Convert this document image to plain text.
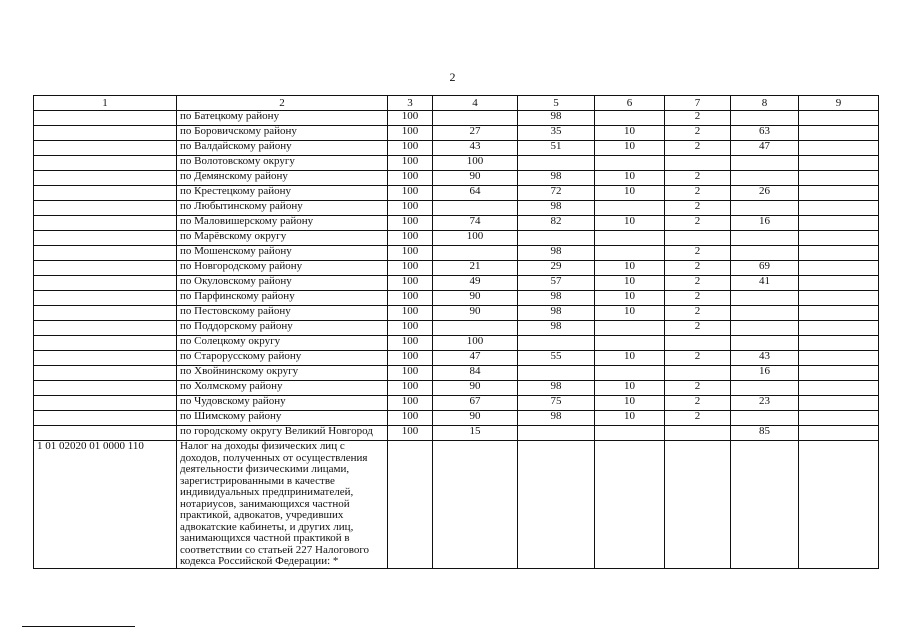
2
1	2	3	4	5	6	7	8	9
	по Батецкому району	100		98		2		
	по Боровичскому району	100	27	35	10	2	63	
	по Валдайскому району	100	43	51	10	2	47	
	по Волотовскому округу	100	100					
	по Демянскому району	100	90	98	10	2		
	по Крестецкому району	100	64	72	10	2	26	
	по Любытинскому району	100		98		2		
	по Маловишерскому району	100	74	82	10	2	16	
	по Марёвскому округу	100	100					
	по Мошенскому району	100		98		2		
	по Новгородскому району	100	21	29	10	2	69	
	по Окуловскому району	100	49	57	10	2	41	
	по Парфинскому району	100	90	98	10	2		
	по Пестовскому району	100	90	98	10	2		
	по Поддорскому району	100		98		2		
	по Солецкому округу	100	100					
	по Старорусскому району	100	47	55	10	2	43	
	по Хвойнинскому округу	100	84				16	
	по Холмскому району	100	90	98	10	2		
	по Чудовскому району	100	67	75	10	2	23	
	по Шимскому району	100	90	98	10	2		
	по городскому округу Великий Новгород	100	15				85	
1 01 02020 01 0000 110	Налог на доходы физических лиц с доходов, полученных от осуществления деятельности физическими лицами, зарегистрированными в качестве индивидуальных предпринимателей, нотариусов, занимающихся частной практикой, адвокатов, учредивших адвокатские кабинеты, и других лиц, занимающихся частной практикой в соответствии со статьей 227 Налогового кодекса Российской Федерации: *							
